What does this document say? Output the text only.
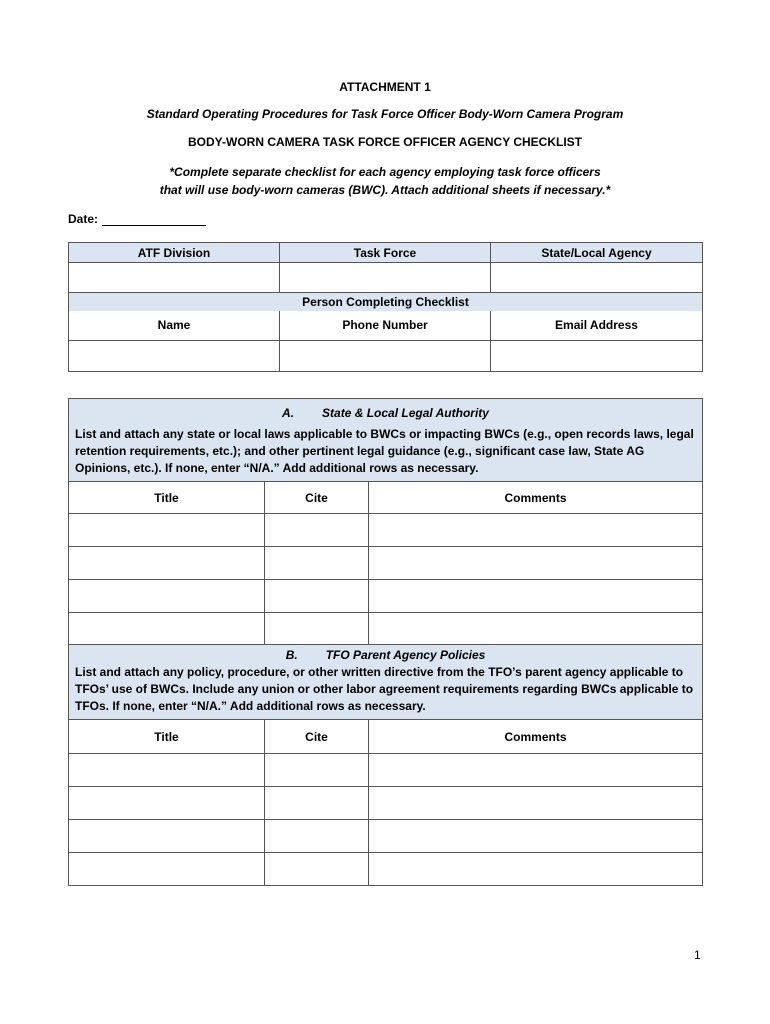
ATTACHMENT 1
Standard Operating Procedures for Task Force Officer Body-Worn Camera Program
BODY-WORN CAMERA TASK FORCE OFFICER AGENCY CHECKLIST
*Complete separate checklist for each agency employing task force officers
that will use body-worn cameras (BWC). Attach additional sheets if necessary.*
Date:
ATF Division	Task Force	State/Local Agency

Person Completing Checklist		
Name	Phone Number	Email Address

A. State & Local Legal Authority
List and attach any state or local laws applicable to BWCs or impacting BWCs (e.g., open records laws, legal retention requirements, etc.); and other pertinent legal guidance (e.g., significant case law, State AG Opinions, etc.). If none, enter “N/A.” Add additional rows as necessary.		
Title	Cite	Comments

B. TFO Parent Agency Policies
List and attach any policy, procedure, or other written directive from the TFO’s parent agency applicable to TFOs’ use of BWCs. Include any union or other labor agreement requirements regarding BWCs applicable to TFOs. If none, enter “N/A.” Add additional rows as necessary.		
Title	Cite	Comments

1
